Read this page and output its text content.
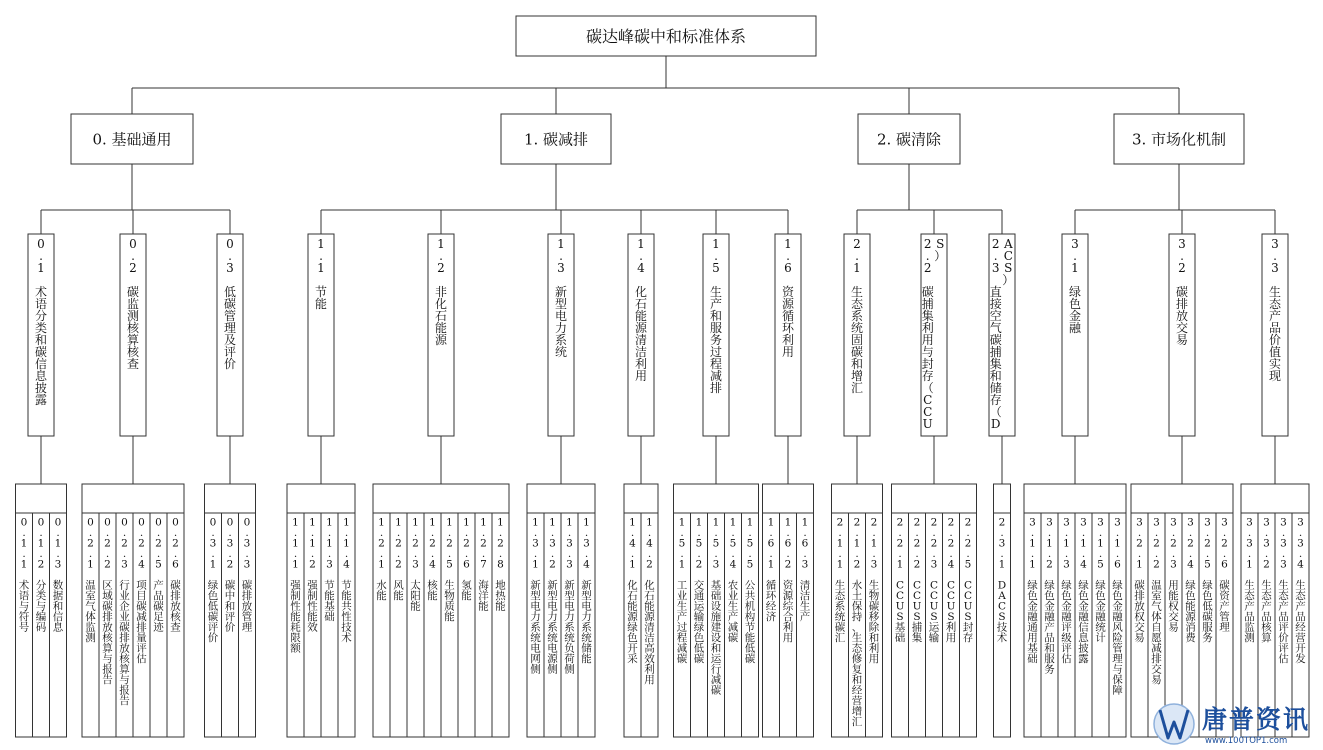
碳达峰碳中和标准体系
0. 基础通用
0
.
1
术
语
分
类
和
碳
信
息
披
露
0
.
1
.
1
术
语
与
符
号
0
.
1
.
2
分
类
与
编
码
0
.
1
.
3
数
据
和
信
息
0
.
2
碳
监
测
核
算
核
查
0
.
2
.
1
温
室
气
体
监
测
0
.
2
.
2
区
域
碳
排
放
核
算
与
报
告
0
.
2
.
3
行
业
企
业
碳
排
放
核
算
与
报
告
0
.
2
.
4
项
目
碳
减
排
量
评
估
0
.
2
.
5
产
品
碳
足
迹
0
.
2
.
6
碳
排
放
核
查
0
.
3
低
碳
管
理
及
评
价
0
.
3
.
1
绿
色
低
碳
评
价
0
.
3
.
2
碳
中
和
评
价
0
.
3
.
3
碳
排
放
管
理
1. 碳减排
1
.
1
节
能
1
.
1
.
1
强
制
性
能
耗
限
额
1
.
1
.
2
强
制
性
能
效
1
.
1
.
3
节
能
基
础
1
.
1
.
4
节
能
共
性
技
术
1
.
2
非
化
石
能
源
1
.
2
.
1
水
能
1
.
2
.
2
风
能
1
.
2
.
3
太
阳
能
1
.
2
.
4
核
能
1
.
2
.
5
生
物
质
能
1
.
2
.
6
氢
能
1
.
2
.
7
海
洋
能
1
.
2
.
8
地
热
能
1
.
3
新
型
电
力
系
统
1
.
3
.
1
新
型
电
力
系
统
电
网
侧
1
.
3
.
2
新
型
电
力
系
统
电
源
侧
1
.
3
.
3
新
型
电
力
系
统
负
荷
侧
1
.
3
.
4
新
型
电
力
系
统
储
能
1
.
4
化
石
能
源
清
洁
利
用
1
.
4
.
1
化
石
能
源
绿
色
开
采
1
.
4
.
2
化
石
能
源
清
洁
高
效
利
用
1
.
5
生
产
和
服
务
过
程
减
排
1
.
5
.
1
工
业
生
产
过
程
减
碳
1
.
5
.
2
交
通
运
输
绿
色
低
碳
1
.
5
.
3
基
础
设
施
建
设
和
运
行
减
碳
1
.
5
.
4
农
业
生
产
减
碳
1
.
5
.
5
公
共
机
构
节
能
低
碳
1
.
6
资
源
循
环
利
用
1
.
6
.
1
循
环
经
济
1
.
6
.
2
资
源
综
合
利
用
1
.
6
.
3
清
洁
生
产
2. 碳清除
2
.
1
生
态
系
统
固
碳
和
增
汇
2
.
1
.
1
生
态
系
统
碳
汇
2
.
1
.
2
水
土
保
持
、
生
态
修
复
和
经
营
增
汇
2
.
1
.
3
生
物
碳
移
除
和
利
用
2
.
2
碳
捕
集
利
用
与
封
存
（
C
C
U
S
）
2
.
2
.
1
C
C
U
S
基
础
2
.
2
.
2
C
C
U
S
捕
集
2
.
2
.
3
C
C
U
S
运
输
2
.
2
.
4
C
C
U
S
利
用
2
.
2
.
5
C
C
U
S
封
存
2
.
3
直
接
空
气
碳
捕
集
和
储
存
（
D
A
C
S
）
2
.
3
.
1
D
A
C
S
技
术
3. 市场化机制
3
.
1
绿
色
金
融
3
.
1
.
1
绿
色
金
融
通
用
基
础
3
.
1
.
2
绿
色
金
融
产
品
和
服
务
3
.
1
.
3
绿
色
金
融
评
级
评
估
3
.
1
.
4
绿
色
金
融
信
息
披
露
3
.
1
.
5
绿
色
金
融
统
计
3
.
1
.
6
绿
色
金
融
风
险
管
理
与
保
障
3
.
2
碳
排
放
交
易
3
.
2
.
1
碳
排
放
权
交
易
3
.
2
.
2
温
室
气
体
自
愿
减
排
交
易
3
.
2
.
3
用
能
权
交
易
3
.
2
.
4
绿
色
能
源
消
费
3
.
2
.
5
绿
色
低
碳
服
务
3
.
2
.
6
碳
资
产
管
理
3
.
3
生
态
产
品
价
值
实
现
3
.
3
.
1
生
态
产
品
监
测
3
.
3
.
2
生
态
产
品
核
算
3
.
3
.
3
生
态
产
品
评
价
评
估
3
.
3
.
4
生
态
产
品
经
营
开
发
唐普资讯
www.100TOP1.com
